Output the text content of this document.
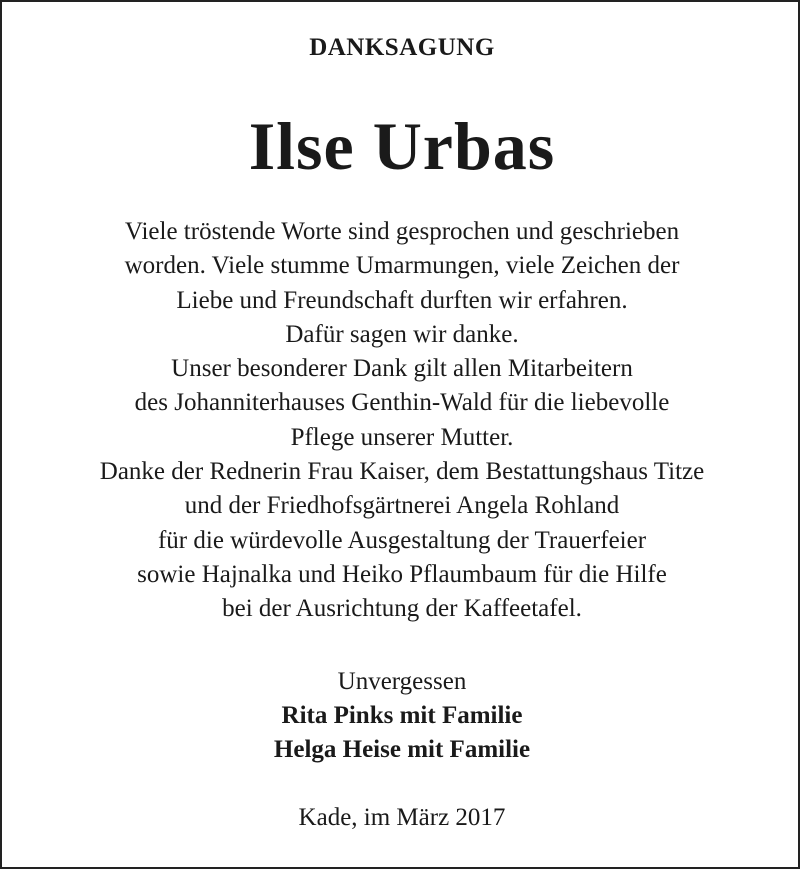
DANKSAGUNG
Ilse Urbas
Viele tröstende Worte sind gesprochen und geschrieben
worden. Viele stumme Umarmungen, viele Zeichen der
Liebe und Freundschaft durften wir erfahren.
Dafür sagen wir danke.
Unser besonderer Dank gilt allen Mitarbeitern
des Johanniterhauses Genthin-Wald für die liebevolle
Pflege unserer Mutter.
Danke der Rednerin Frau Kaiser, dem Bestattungshaus Titze
und der Friedhofsgärtnerei Angela Rohland
für die würdevolle Ausgestaltung der Trauerfeier
sowie Hajnalka und Heiko Pflaumbaum für die Hilfe
bei der Ausrichtung der Kaffeetafel.
Unvergessen
Rita Pinks mit Familie
Helga Heise mit Familie
Kade, im März 2017
